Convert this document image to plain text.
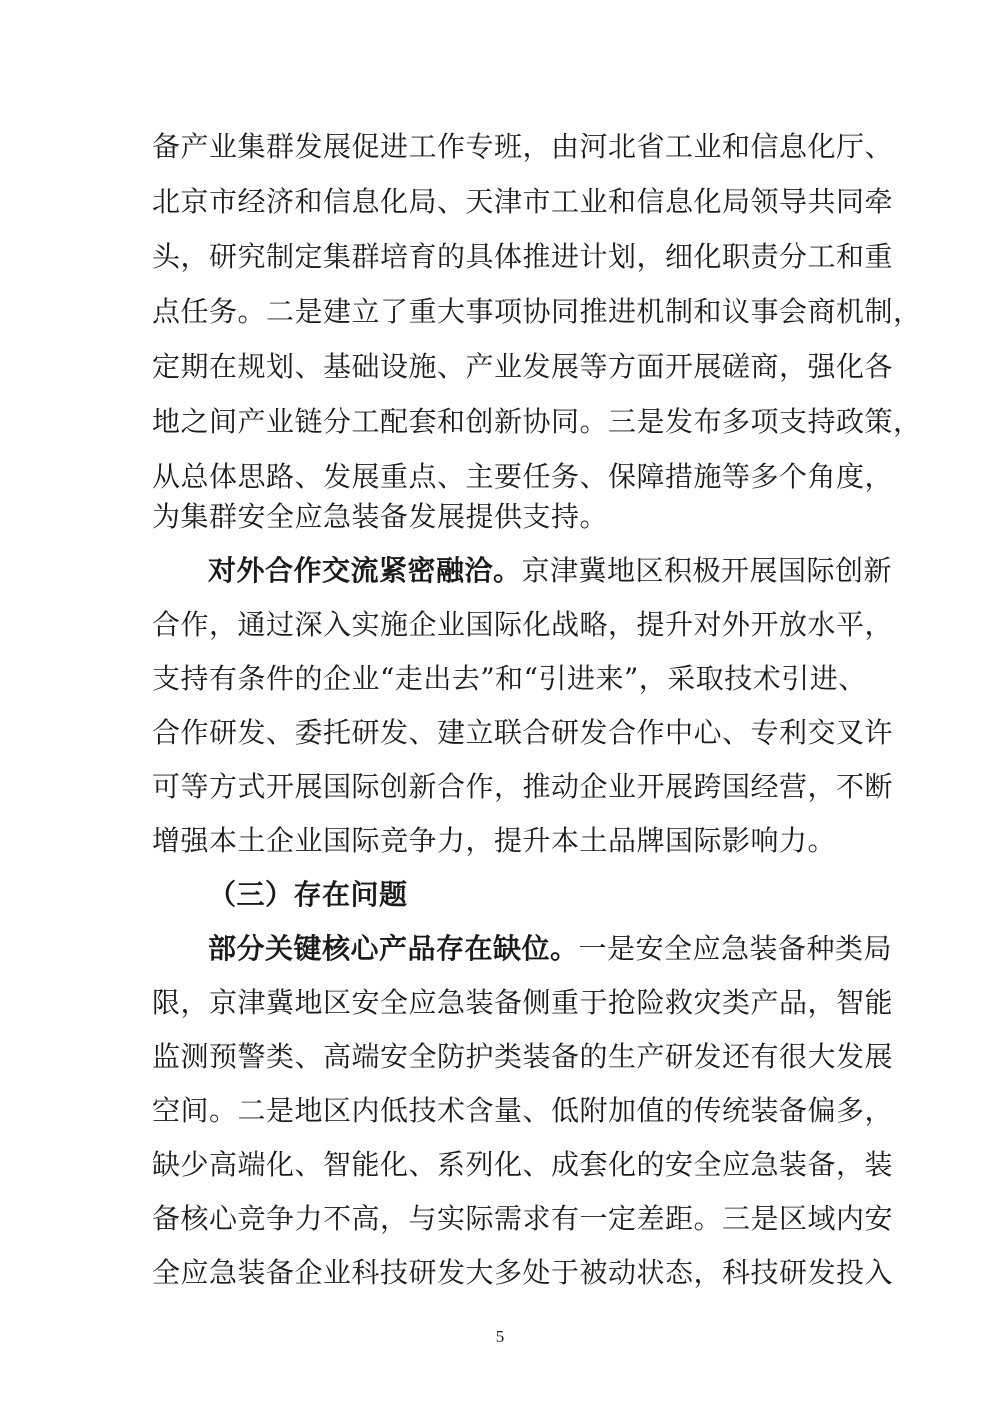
备产业集群发展促进工作专班，由河北省工业和信息化厅、
北京市经济和信息化局、天津市工业和信息化局领导共同牵
头，研究制定集群培育的具体推进计划，细化职责分工和重
点任务。二是建立了重大事项协同推进机制和议事会商机制，
定期在规划、基础设施、产业发展等方面开展磋商，强化各
地之间产业链分工配套和创新协同。三是发布多项支持政策，
从总体思路、发展重点、主要任务、保障措施等多个角度，
为集群安全应急装备发展提供支持。
对外合作交流紧密融洽。京津冀地区积极开展国际创新
合作，通过深入实施企业国际化战略，提升对外开放水平，
支持有条件的企业“走出去”和“引进来”，采取技术引进、
合作研发、委托研发、建立联合研发合作中心、专利交叉许
可等方式开展国际创新合作，推动企业开展跨国经营，不断
增强本土企业国际竞争力，提升本土品牌国际影响力。
（三）存在问题
部分关键核心产品存在缺位。一是安全应急装备种类局
限，京津冀地区安全应急装备侧重于抢险救灾类产品，智能
监测预警类、高端安全防护类装备的生产研发还有很大发展
空间。二是地区内低技术含量、低附加值的传统装备偏多，
缺少高端化、智能化、系列化、成套化的安全应急装备，装
备核心竞争力不高，与实际需求有一定差距。三是区域内安
全应急装备企业科技研发大多处于被动状态，科技研发投入
5
